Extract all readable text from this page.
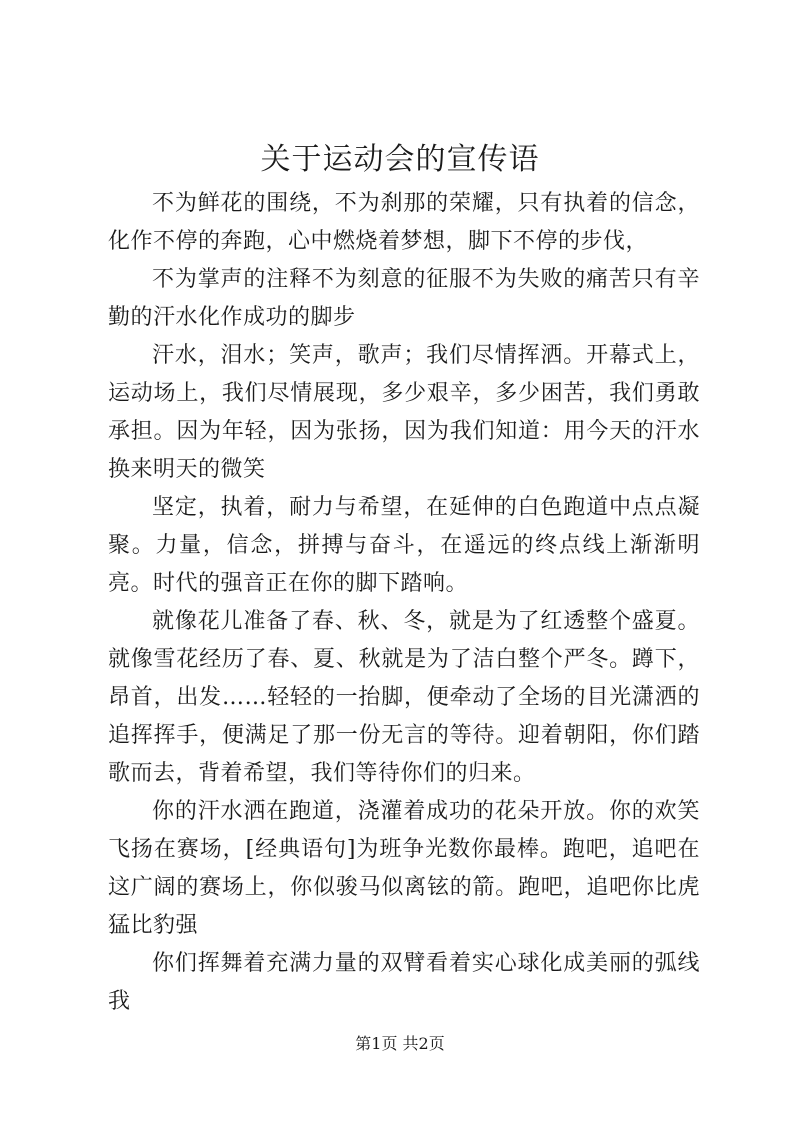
关于运动会的宣传语

不为鲜花的围绕，不为刹那的荣耀，只有执着的信念，化作不停的奔跑，心中燃烧着梦想，脚下不停的步伐，

不为掌声的注释不为刻意的征服不为失败的痛苦只有辛勤的汗水化作成功的脚步

汗水，泪水；笑声，歌声；我们尽情挥洒。开幕式上，运动场上，我们尽情展现，多少艰辛，多少困苦，我们勇敢承担。因为年轻，因为张扬，因为我们知道：用今天的汗水换来明天的微笑

坚定，执着，耐力与希望，在延伸的白色跑道中点点凝聚。力量，信念，拼搏与奋斗，在遥远的终点线上渐渐明亮。时代的强音正在你的脚下踏响。

就像花儿准备了春、秋、冬，就是为了红透整个盛夏。就像雪花经历了春、夏、秋就是为了洁白整个严冬。蹲下，昂首，出发……轻轻的一抬脚，便牵动了全场的目光潇洒的追挥挥手，便满足了那一份无言的等待。迎着朝阳，你们踏歌而去，背着希望，我们等待你们的归来。

你的汗水洒在跑道，浇灌着成功的花朵开放。你的欢笑飞扬在赛场，[经典语句]为班争光数你最棒。跑吧，追吧在这广阔的赛场上，你似骏马似离铉的箭。跑吧，追吧你比虎猛比豹强

你们挥舞着充满力量的双臂看着实心球化成美丽的弧线我

第1页 共2页
